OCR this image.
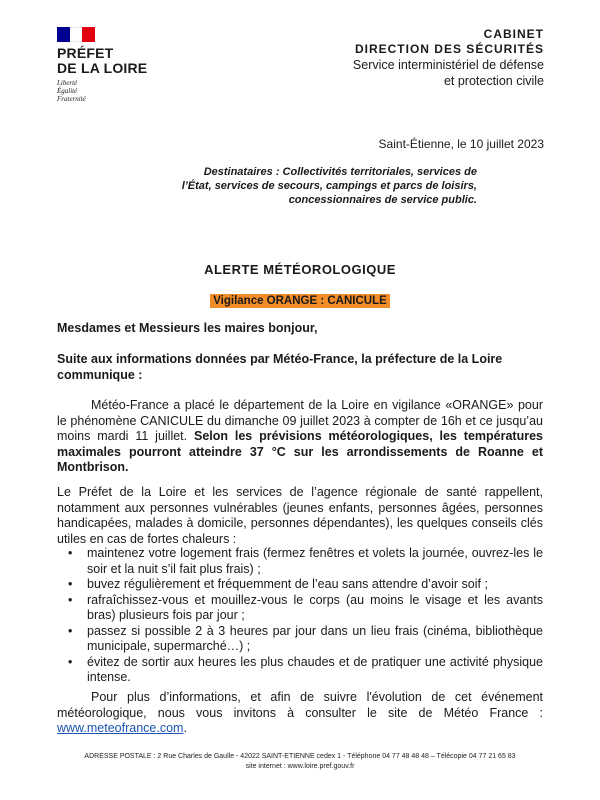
PRÉFET
DE LA LOIRE
Liberté
Égalité
Fraternité
CABINET
DIRECTION DES SÉCURITÉS
Service interministériel de défense
et protection civile
Saint-Étienne, le 10 juillet 2023
Destinataires : Collectivités territoriales, services de l’État, services de secours, campings et parcs de loisirs, concessionnaires de service public.
ALERTE MÉTÉOROLOGIQUE
Vigilance ORANGE : CANICULE
Mesdames et Messieurs les maires bonjour,
Suite aux informations données par Météo-France, la préfecture de la Loire communique :
Météo-France a placé le département de la Loire en vigilance «ORANGE» pour le phénomène CANICULE du dimanche 09 juillet 2023 à compter de 16h et ce jusqu’au moins mardi 11 juillet. Selon les prévisions météorologiques, les températures maximales pourront atteindre 37 °C sur les arrondissements de Roanne et Montbrison.
Le Préfet de la Loire et les services de l’agence régionale de santé rappellent, notamment aux personnes vulnérables (jeunes enfants, personnes âgées, personnes handicapées, malades à domicile, personnes dépendantes), les quelques conseils clés utiles en cas de fortes chaleurs :
• maintenez votre logement frais (fermez fenêtres et volets la journée, ouvrez-les le soir et la nuit s’il fait plus frais) ;
• buvez régulièrement et fréquemment de l’eau sans attendre d’avoir soif ;
• rafraîchissez-vous et mouillez-vous le corps (au moins le visage et les avants bras) plusieurs fois par jour ;
• passez si possible 2 à 3 heures par jour dans un lieu frais (cinéma, bibliothèque municipale, supermarché…) ;
• évitez de sortir aux heures les plus chaudes et de pratiquer une activité physique intense.
Pour plus d’informations, et afin de suivre l'évolution de cet événement météorologique, nous vous invitons à consulter le site de Météo France : www.meteofrance.com.
ADRESSE POSTALE : 2 Rue Charles de Gaulle - 42022 SAINT-ETIENNE cedex 1 - Téléphone 04 77 48 48 48 – Télécopie 04 77 21 65 83
site internet : www.loire.pref.gouv.fr
